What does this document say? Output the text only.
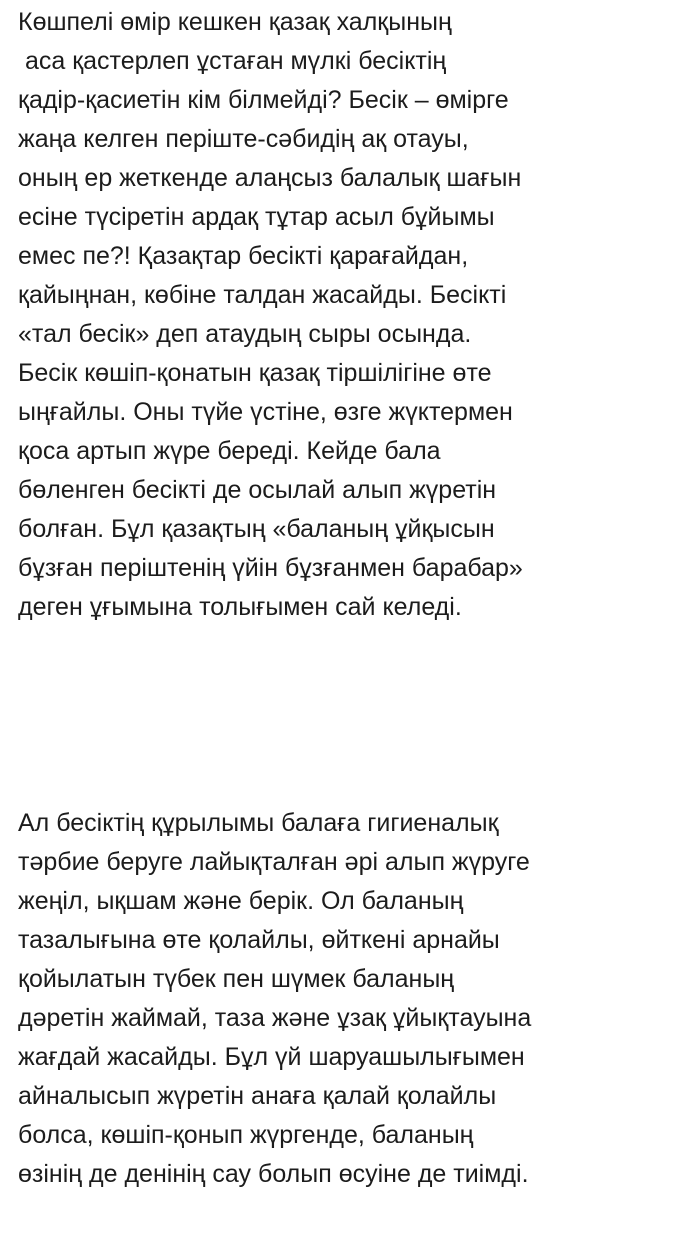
Көшпелі өмір кешкен қазақ халқының
аса қастерлеп ұстаған мүлкі бесіктің
қадір-қасиетін кім білмейді? Бесік – өмірге
жаңа келген періште-сәбидің ақ отауы,
оның ер жеткенде алаңсыз балалық шағын
есіне түсіретін ардақ тұтар асыл бұйымы
емес пе?! Қазақтар бесікті қарағайдан,
қайыңнан, көбіне талдан жасайды. Бесікті
«тал бесік» деп атаудың сыры осында.
Бесік көшіп-қонатын қазақ тіршілігіне өте
ыңғайлы. Оны түйе үстіне, өзге жүктермен
қоса артып жүре береді. Кейде бала
бөленген бесікті де осылай алып жүретін
болған. Бұл қазақтың «баланың ұйқысын
бұзған періштенің үйін бұзғанмен барабар»
деген ұғымына толығымен сай келеді.

Ал бесіктің құрылымы балаға гигиеналық
тәрбие беруге лайықталған әрі алып жүруге
жеңіл, ықшам және берік. Ол баланың
тазалығына өте қолайлы, өйткені арнайы
қойылатын түбек пен шүмек баланың
дәретін жаймай, таза және ұзақ ұйықтауына
жағдай жасайды. Бұл үй шаруашылығымен
айналысып жүретін анаға қалай қолайлы
болса, көшіп-қонып жүргенде, баланың
өзінің де денінің сау болып өсуіне де тиімді.
